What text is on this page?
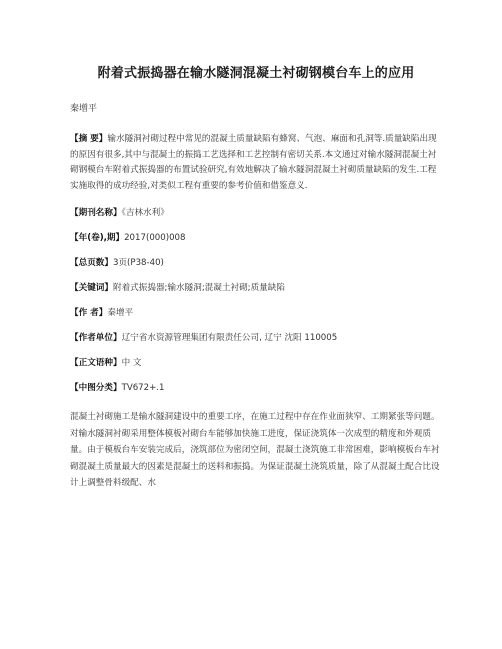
附着式振捣器在输水隧洞混凝土衬砌钢模台车上的应用
秦增平
【摘 要】输水隧洞衬砌过程中常见的混凝土质量缺陷有蜂窝、气泡、麻面和孔洞等.质量缺陷出现的原因有很多,其中与混凝土的振捣工艺选择和工艺控制有密切关系.本文通过对输水隧洞混凝土衬砌钢模台车附着式振捣器的布置试验研究,有效地解决了输水隧洞混凝土衬砌质量缺陷的发生.工程实施取得的成功经验,对类似工程有重要的参考价值和借鉴意义.
【期刊名称】《吉林水利》
【年(卷),期】2017(000)008
【总页数】3页(P38-40)
【关键词】附着式振捣器;输水隧洞;混凝土衬砌;质量缺陷
【作 者】秦增平
【作者单位】辽宁省水资源管理集团有限责任公司, 辽宁 沈阳 110005
【正文语种】中 文
【中图分类】TV672+.1

混凝土衬砌施工是输水隧洞建设中的重要工序，在施工过程中存在作业面狭窄、工期紧张等问题。对输水隧洞衬砌采用整体模板衬砌台车能够加快施工进度，保证浇筑体一次成型的精度和外观质量。由于模板台车安装完成后，浇筑部位为密闭空间，混凝土浇筑施工非常困难，影响模板台车衬砌混凝土质量最大的因素是混凝土的送料和振捣。为保证混凝土浇筑质量，除了从混凝土配合比设计上调整骨料级配、水
